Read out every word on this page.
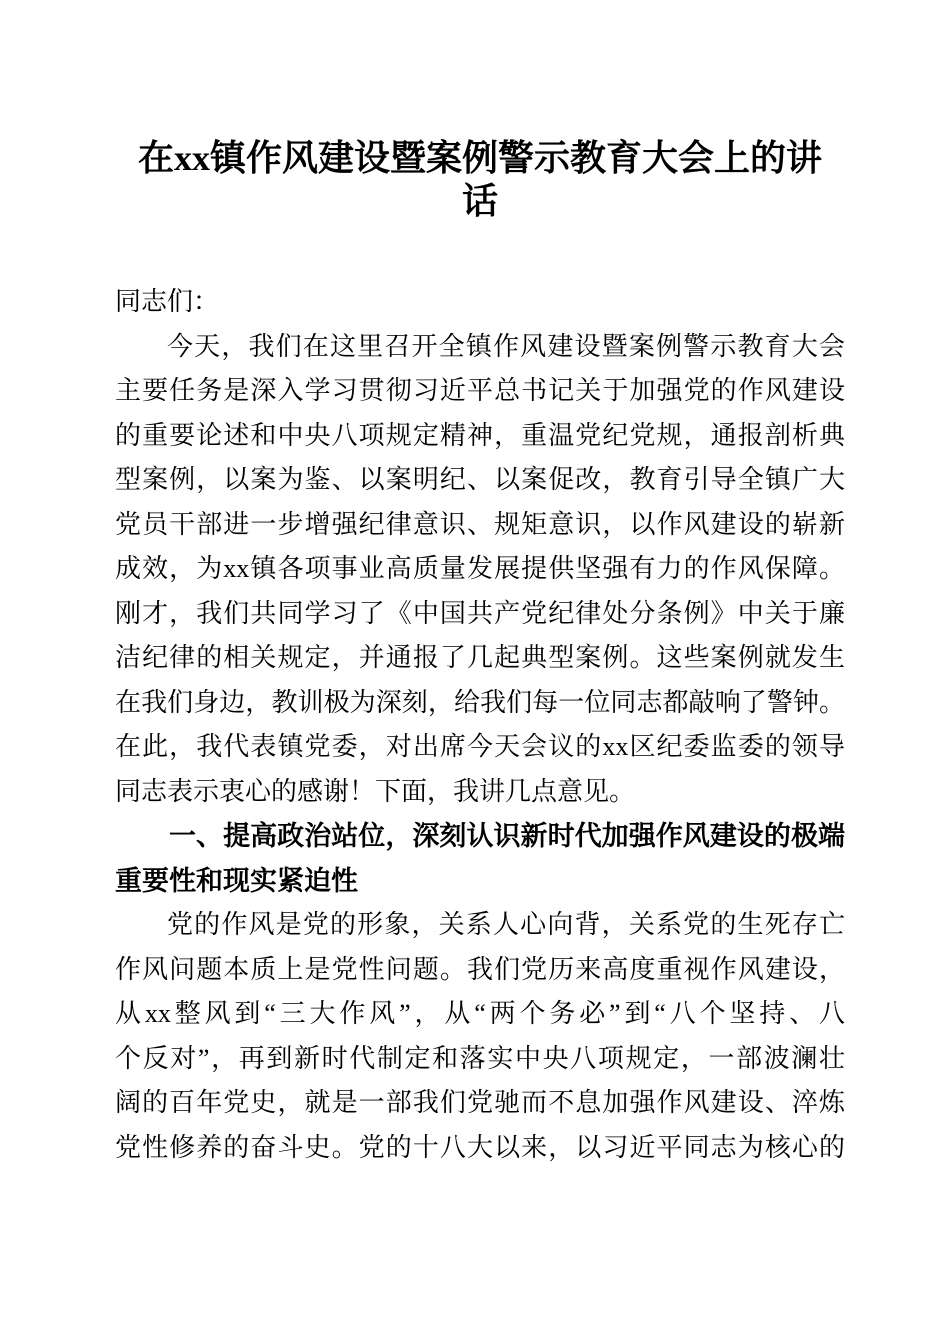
在xx镇作风建设暨案例警示教育大会上的讲
话
同志们：
今天，我们在这里召开全镇作风建设暨案例警示教育大会
主要任务是深入学习贯彻习近平总书记关于加强党的作风建设
的重要论述和中央八项规定精神，重温党纪党规，通报剖析典
型案例，以案为鉴、以案明纪、以案促改，教育引导全镇广大
党员干部进一步增强纪律意识、规矩意识，以作风建设的崭新
成效，为xx镇各项事业高质量发展提供坚强有力的作风保障。
刚才，我们共同学习了《中国共产党纪律处分条例》中关于廉
洁纪律的相关规定，并通报了几起典型案例。这些案例就发生
在我们身边，教训极为深刻，给我们每一位同志都敲响了警钟。
在此，我代表镇党委，对出席今天会议的xx区纪委监委的领导
同志表示衷心的感谢！下面，我讲几点意见。
一、提高政治站位，深刻认识新时代加强作风建设的极端
重要性和现实紧迫性
党的作风是党的形象，关系人心向背，关系党的生死存亡
作风问题本质上是党性问题。我们党历来高度重视作风建设，
从xx整风到“三大作风”，从“两个务必”到“八个坚持、八
个反对”，再到新时代制定和落实中央八项规定，一部波澜壮
阔的百年党史，就是一部我们党驰而不息加强作风建设、淬炼
党性修养的奋斗史。党的十八大以来，以习近平同志为核心的
